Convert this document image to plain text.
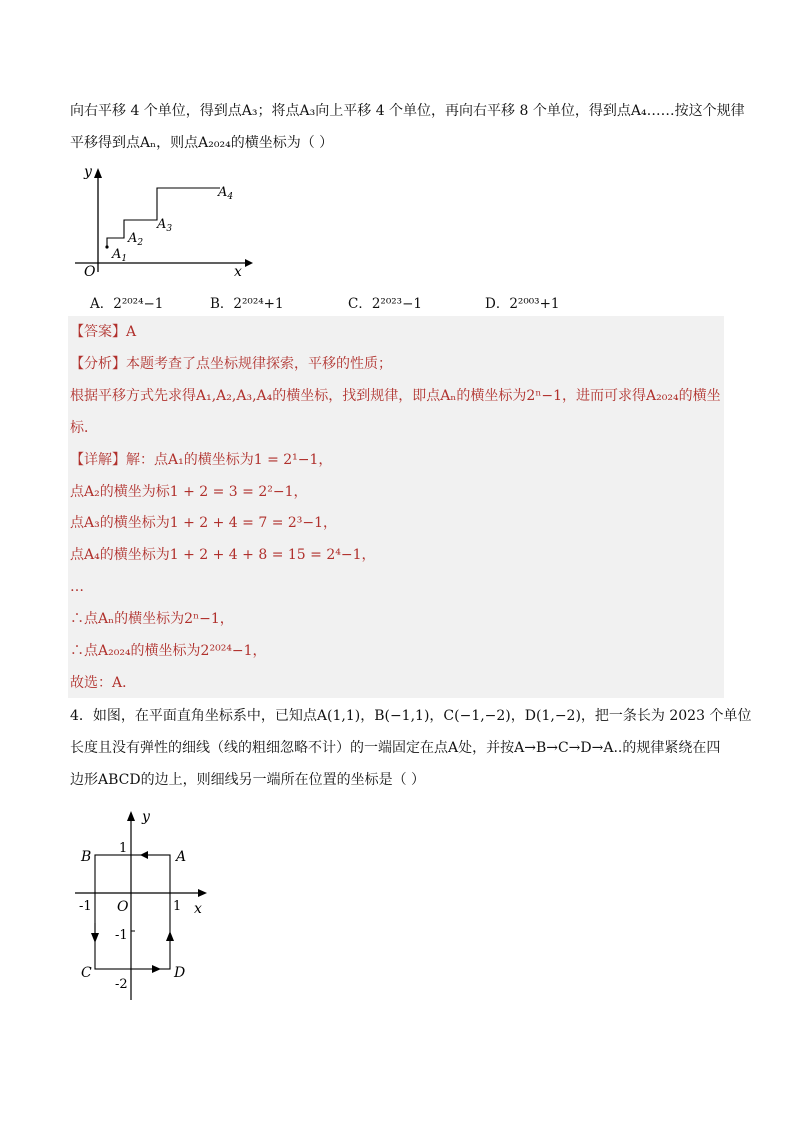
向右平移 4 个单位，得到点A₃；将点A₃向上平移 4 个单位，再向右平移 8 个单位，得到点A₄……按这个规律
平移得到点Aₙ，则点A₂₀₂₄的横坐标为（ ）
y
x
O
$A_1$
$A_2$
$A_3$
$A_4$
A．2²⁰²⁴−1	B．2²⁰²⁴+1	C．2²⁰²³−1	D．2²⁰⁰³+1
【答案】A
【分析】本题考查了点坐标规律探索，平移的性质；
根据平移方式先求得A₁,A₂,A₃,A₄的横坐标，找到规律，即点Aₙ的横坐标为2ⁿ−1，进而可求得A₂₀₂₄的横坐
标．
【详解】解：点A₁的横坐标为1 = 2¹−1，
点A₂的横坐为标1 + 2 = 3 = 2²−1，
点A₃的横坐标为1 + 2 + 4 = 7 = 2³−1，
点A₄的横坐标为1 + 2 + 4 + 8 = 15 = 2⁴−1，
…
∴点Aₙ的横坐标为2ⁿ−1，
∴点A₂₀₂₄的横坐标为2²⁰²⁴−1，
故选：A．
4．如图，在平面直角坐标系中，已知点A(1,1)，B(−1,1)，C(−1,−2)，D(1,−2)，把一条长为 2023 个单位
长度且没有弹性的细线（线的粗细忽略不计）的一端固定在点A处，并按A→B→C→D→A..的规律紧绕在四
边形ABCD的边上，则细线另一端所在位置的坐标是（ ）
y
x
O
A
B
C	D
1
-1	1
-1
-2
